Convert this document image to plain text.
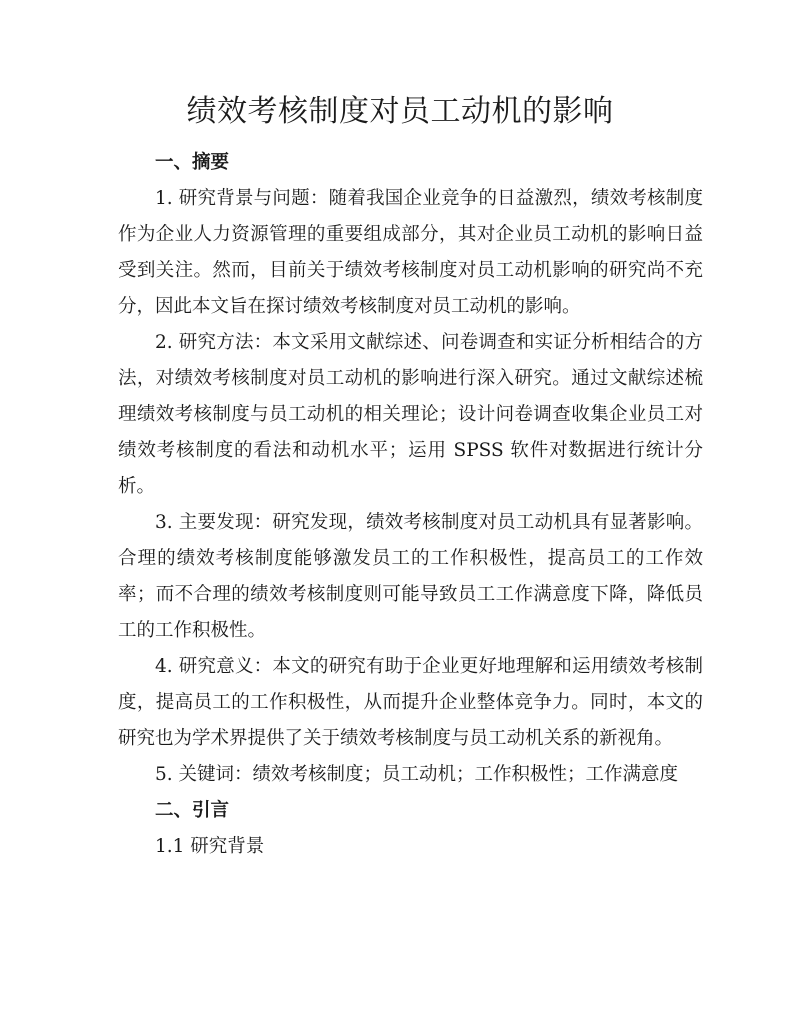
绩效考核制度对员工动机的影响

一、摘要

1. 研究背景与问题：随着我国企业竞争的日益激烈，绩效考核制度作为企业人力资源管理的重要组成部分，其对企业员工动机的影响日益受到关注。然而，目前关于绩效考核制度对员工动机影响的研究尚不充分，因此本文旨在探讨绩效考核制度对员工动机的影响。

2. 研究方法：本文采用文献综述、问卷调查和实证分析相结合的方法，对绩效考核制度对员工动机的影响进行深入研究。通过文献综述梳理绩效考核制度与员工动机的相关理论；设计问卷调查收集企业员工对绩效考核制度的看法和动机水平；运用 SPSS 软件对数据进行统计分析。

3. 主要发现：研究发现，绩效考核制度对员工动机具有显著影响。合理的绩效考核制度能够激发员工的工作积极性，提高员工的工作效率；而不合理的绩效考核制度则可能导致员工工作满意度下降，降低员工的工作积极性。

4. 研究意义：本文的研究有助于企业更好地理解和运用绩效考核制度，提高员工的工作积极性，从而提升企业整体竞争力。同时，本文的研究也为学术界提供了关于绩效考核制度与员工动机关系的新视角。

5. 关键词：绩效考核制度；员工动机；工作积极性；工作满意度

二、引言

1.1 研究背景
